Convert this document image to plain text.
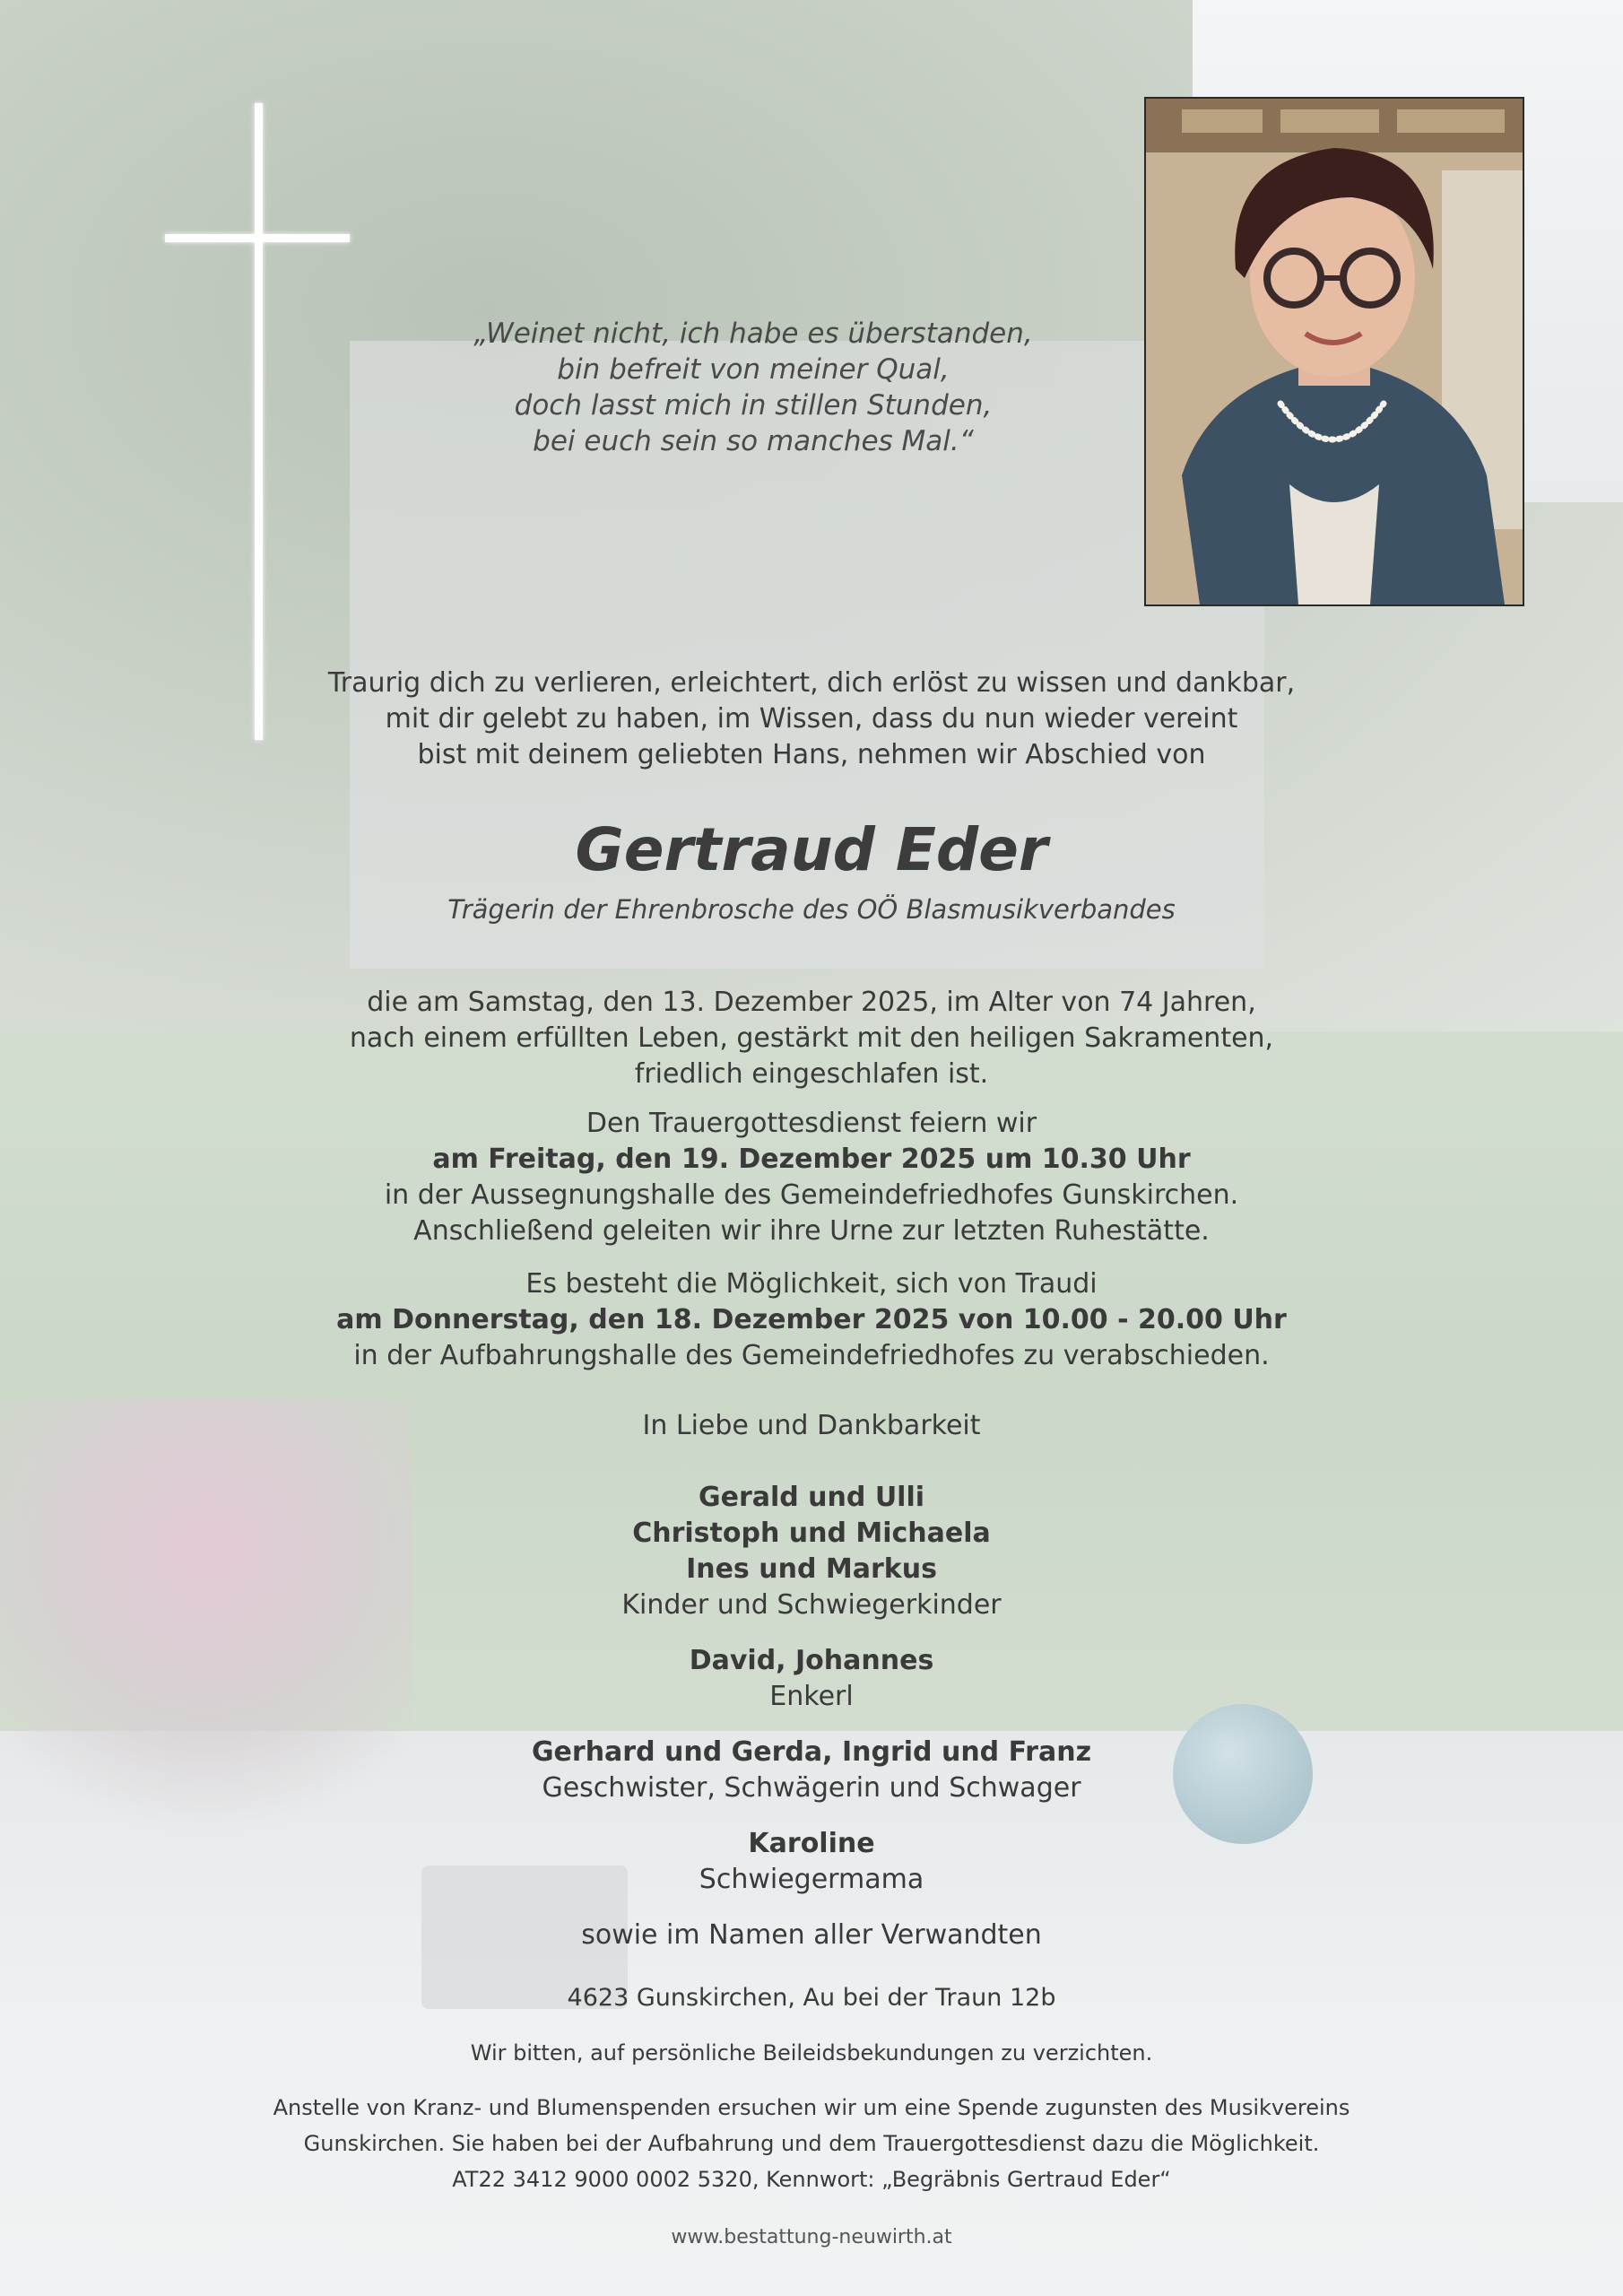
„Weinet nicht, ich habe es überstanden,
bin befreit von meiner Qual,
doch lasst mich in stillen Stunden,
bei euch sein so manches Mal.“
Traurig dich zu verlieren, erleichtert, dich erlöst zu wissen und dankbar,
mit dir gelebt zu haben, im Wissen, dass du nun wieder vereint
bist mit deinem geliebten Hans, nehmen wir Abschied von
Gertraud Eder
Trägerin der Ehrenbrosche des OÖ Blasmusikverbandes
die am Samstag, den 13. Dezember 2025, im Alter von 74 Jahren,
nach einem erfüllten Leben, gestärkt mit den heiligen Sakramenten,
friedlich eingeschlafen ist.
Den Trauergottesdienst feiern wir
am Freitag, den 19. Dezember 2025 um 10.30 Uhr
in der Aussegnungshalle des Gemeindefriedhofes Gunskirchen.
Anschließend geleiten wir ihre Urne zur letzten Ruhestätte.
Es besteht die Möglichkeit, sich von Traudi
am Donnerstag, den 18. Dezember 2025 von 10.00 - 20.00 Uhr
in der Aufbahrungshalle des Gemeindefriedhofes zu verabschieden.
In Liebe und Dankbarkeit
Gerald und Ulli
Christoph und Michaela
Ines und Markus
Kinder und Schwiegerkinder
David, Johannes
Enkerl
Gerhard und Gerda, Ingrid und Franz
Geschwister, Schwägerin und Schwager
Karoline
Schwiegermama
sowie im Namen aller Verwandten
4623 Gunskirchen, Au bei der Traun 12b
Wir bitten, auf persönliche Beileidsbekundungen zu verzichten.
Anstelle von Kranz- und Blumenspenden ersuchen wir um eine Spende zugunsten des Musikvereins
Gunskirchen. Sie haben bei der Aufbahrung und dem Trauergottesdienst dazu die Möglichkeit.
AT22 3412 9000 0002 5320, Kennwort: „Begräbnis Gertraud Eder“
www.bestattung-neuwirth.at
